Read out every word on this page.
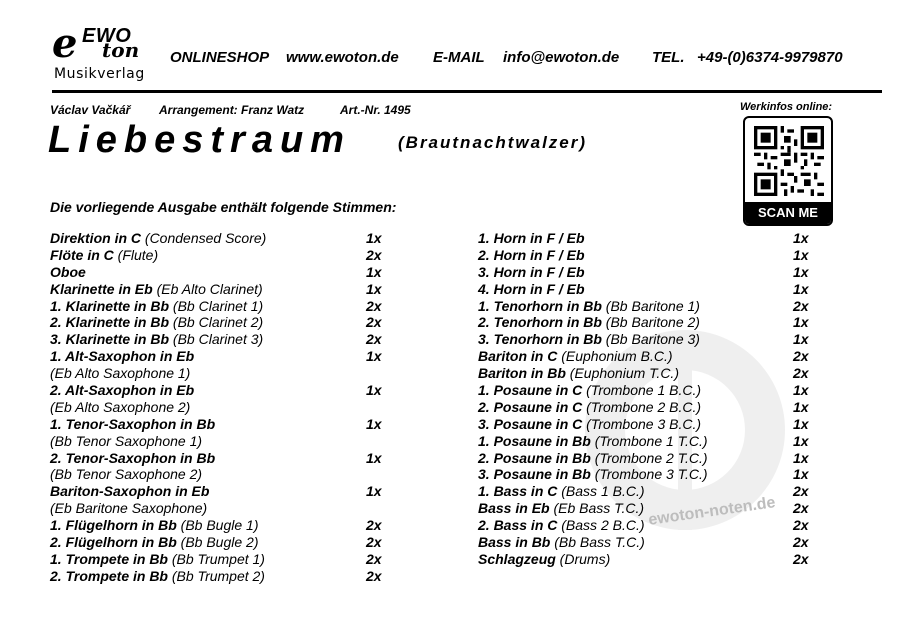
e EWO
ton
Musikverlag
ONLINESHOP www.ewoton.de E-MAIL info@ewoton.de TEL. +49-(0)6374-9979870
Václav Vačkář Arrangement: Franz Watz	Art.-Nr. 1495
Liebestraum	(Brautnachtwalzer)
Werkinfos online:
SCAN ME
Die vorliegende Ausgabe enthält folgende Stimmen:
ewoton-noten.de
Direktion in C (Condensed Score)	1x
Flöte in C (Flute)	2x
Oboe	1x
Klarinette in Eb (Eb Alto Clarinet)	1x
1. Klarinette in Bb (Bb Clarinet 1)	2x
2. Klarinette in Bb (Bb Clarinet 2)	2x
3. Klarinette in Bb (Bb Clarinet 3)	2x
1. Alt-Saxophon in Eb	1x
(Eb Alto Saxophone 1)
2. Alt-Saxophon in Eb	1x
(Eb Alto Saxophone 2)
1. Tenor-Saxophon in Bb	1x
(Bb Tenor Saxophone 1)
2. Tenor-Saxophon in Bb	1x
(Bb Tenor Saxophone 2)
Bariton-Saxophon in Eb	1x
(Eb Baritone Saxophone)
1. Flügelhorn in Bb (Bb Bugle 1)	2x
2. Flügelhorn in Bb (Bb Bugle 2)	2x
1. Trompete in Bb (Bb Trumpet 1)	2x
2. Trompete in Bb (Bb Trumpet 2)	2x
1. Horn in F / Eb	1x
2. Horn in F / Eb	1x
3. Horn in F / Eb	1x
4. Horn in F / Eb	1x
1. Tenorhorn in Bb (Bb Baritone 1)	2x
2. Tenorhorn in Bb (Bb Baritone 2)	1x
3. Tenorhorn in Bb (Bb Baritone 3)	1x
Bariton in C (Euphonium B.C.)	2x
Bariton in Bb (Euphonium T.C.)	2x
1. Posaune in C (Trombone 1 B.C.)	1x
2. Posaune in C (Trombone 2 B.C.)	1x
3. Posaune in C (Trombone 3 B.C.)	1x
1. Posaune in Bb (Trombone 1 T.C.)	1x
2. Posaune in Bb (Trombone 2 T.C.)	1x
3. Posaune in Bb (Trombone 3 T.C.)	1x
1. Bass in C (Bass 1 B.C.)	2x
Bass in Eb (Eb Bass T.C.)	2x
2. Bass in C (Bass 2 B.C.)	2x
Bass in Bb (Bb Bass T.C.)	2x
Schlagzeug (Drums)	2x
